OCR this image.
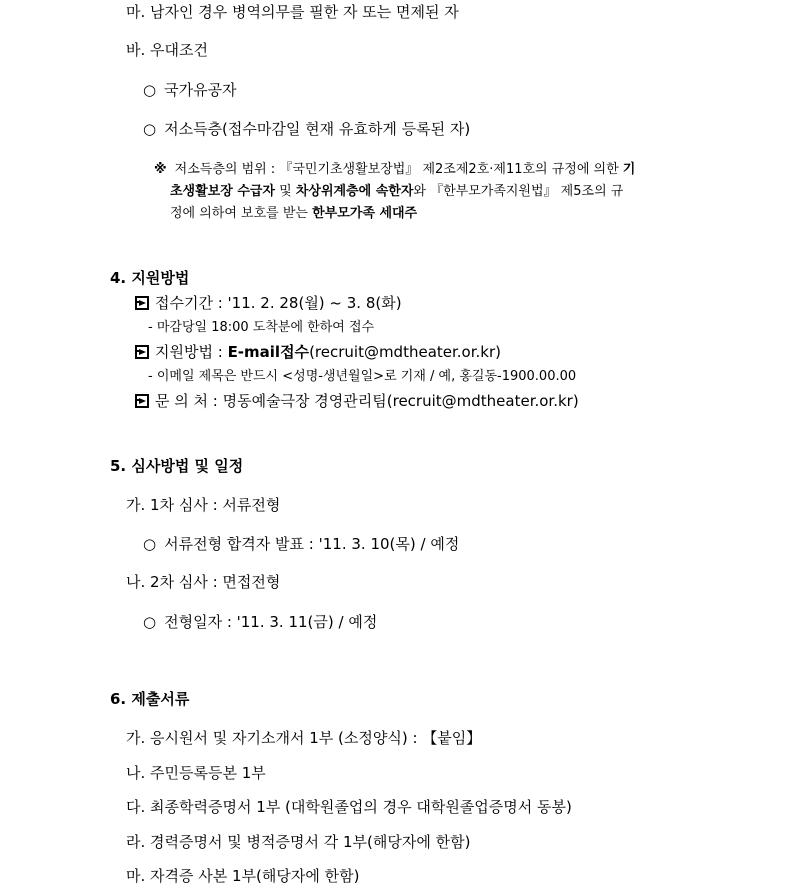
마. 남자인 경우 병역의무를 필한 자 또는 면제된 자
바. 우대조건
○ 국가유공자
○ 저소득층(접수마감일 현재 유효하게 등록된 자)
※ 저소득층의 범위 : 『국민기초생활보장법』 제2조제2호·제11호의 규정에 의한 기
초생활보장 수급자 및 차상위계층에 속한자와 『한부모가족지원법』 제5조의 규
정에 의하여 보호를 받는 한부모가족 세대주
4. 지원방법
접수기간 : '11. 2. 28(월) ~ 3. 8(화)
- 마감당일 18:00 도착분에 한하여 접수
지원방법 : E-mail접수(recruit@mdtheater.or.kr)
- 이메일 제목은 반드시 <성명-생년월일>로 기재 / 예, 홍길동-1900.00.00
문 의 처 : 명동예술극장 경영관리팀(recruit@mdtheater.or.kr)
5. 심사방법 및 일정
가. 1차 심사 : 서류전형
○ 서류전형 합격자 발표 : '11. 3. 10(목) / 예정
나. 2차 심사 : 면접전형
○ 전형일자 : '11. 3. 11(금) / 예정
6. 제출서류
가. 응시원서 및 자기소개서 1부 (소정양식) : 【붙임】
나. 주민등록등본 1부
다. 최종학력증명서 1부 (대학원졸업의 경우 대학원졸업증명서 동봉)
라. 경력증명서 및 병적증명서 각 1부(해당자에 한함)
마. 자격증 사본 1부(해당자에 한함)
